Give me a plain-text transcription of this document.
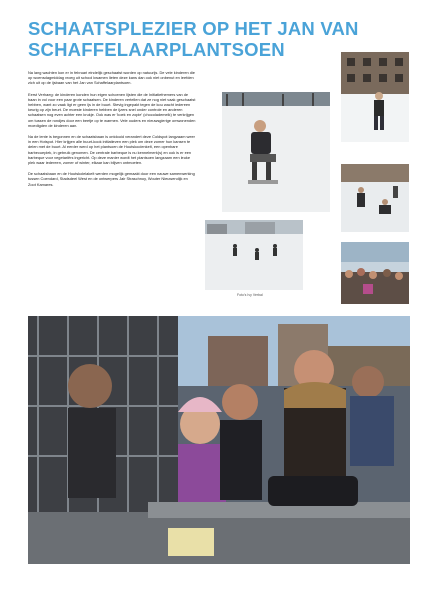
SCHAATSPLEZIER OP HET JAN VAN SCHAFFELAARPLANTSOEN

Na lang wachten kon er in februari eindelijk geschaatst worden op natuurijs. De vele kinderen die op woensdagmiddag vroeg uit school kwamen lieten deze kans dan ook niet onbenut en leefden zich uit op de ijsbaan van het Jan van Schaffelaarplantsoen.

Eerst Verhaeg: de kinderen konden hun eigen schoenen lijsten die de Initiatiefnemers van de baan in vol voor een paar grote schaatsen. De kinderen vertellen dat ze nog niet vaak geschaatst hebben, want zo vaak ligt er geen ijs in de buurt. Stevig ingepakt tegen de kou wacht iedereen keurig op zijn beurt. De moeste kinderen hebben de ijzers snel onder controle en anderen schaatsen nog even achter een krukje. Ook was er 'koek en zopie' (chocolademelk) te verkrijgen om tussen de rondjes door een beetje op te warmen. Vele ouders en nieuwsgierige omwonenden moedigden de kinderen aan.

Na de lente is begonnen en de schaatsbaan is ontdooid verandert deze Coldspot langzaam weer in een Hotspot. Hier krijgen alle buurt-kook initiatieven een plek om deze zomer hun kansen te delen met de buurt. Al eerder werd op het plantsoen de Houtskoolenkelt, een openbare barbecueplek, in gebruik genomen. De centrale barbeque is nu kennelmerk(s) en ook is er een barbeque voor vegetariërs ingericht. Op deze manier wordt het plantsoen langzaam een leuke plek waar iedereen, zomer of winter, elkaar kan blijven ontmoeten.

De schaatsbaan en de Houtskolelakelt werden mogelijk gemaakt door een nauwe samenwerking tussen Coendard, Stadsdeel West en de ontwerpers Jair Straschnoy, Wouter Nieuwendijk en Zoot Kamares.

Foto's Ivy Verbal
